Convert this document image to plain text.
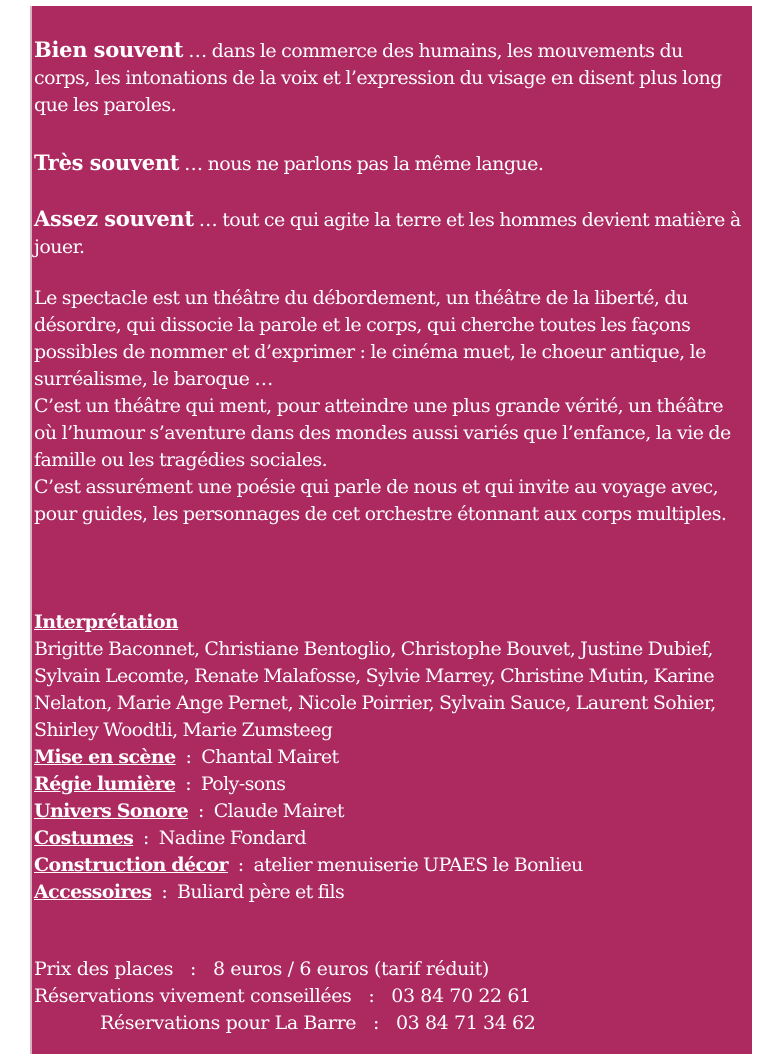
Bien souvent … dans le commerce des humains, les mouvements du corps, les intonations de la voix et l’expression du visage en disent plus long que les paroles.

Très souvent … nous ne parlons pas la même langue.

Assez souvent … tout ce qui agite la terre et les hommes devient matière à jouer.

Le spectacle est un théâtre du débordement, un théâtre de la liberté, du désordre, qui dissocie la parole et le corps, qui cherche toutes les façons possibles de nommer et d’exprimer : le cinéma muet, le choeur antique, le surréalisme, le baroque …

C’est un théâtre qui ment, pour atteindre une plus grande vérité, un théâtre où l’humour s’aventure dans des mondes aussi variés que l’enfance, la vie de famille ou les tragédies sociales.

C’est assurément une poésie qui parle de nous et qui invite au voyage avec, pour guides, les personnages de cet orchestre étonnant aux corps multiples.

Interprétation
Brigitte Baconnet, Christiane Bentoglio, Christophe Bouvet, Justine Dubief, Sylvain Lecomte, Renate Malafosse, Sylvie Marrey, Christine Mutin, Karine Nelaton, Marie Ange Pernet, Nicole Poirrier, Sylvain Sauce, Laurent Sohier, Shirley Woodtli, Marie Zumsteeg
Mise en scène  :  Chantal Mairet
Régie lumière  :  Poly-sons
Univers Sonore  :  Claude Mairet
Costumes  :  Nadine Fondard
Construction décor  :  atelier menuiserie UPAES le Bonlieu
Accessoires  :  Buliard père et fils
Prix des places   :   8 euros / 6 euros (tarif réduit)
Réservations vivement conseillées   :   03 84 70 22 61
Réservations pour La Barre   :   03 84 71 34 62
